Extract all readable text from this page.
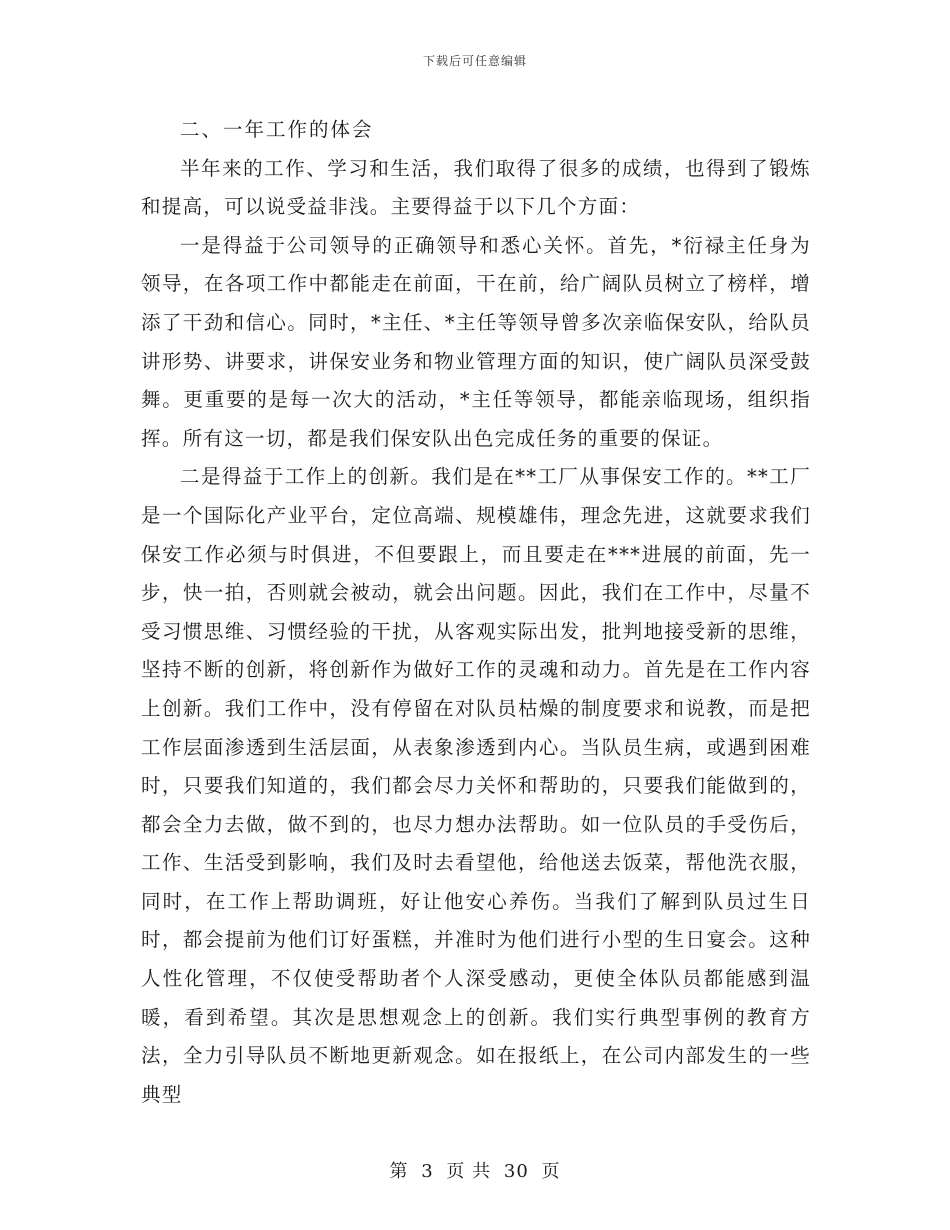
下载后可任意编辑

二、一年工作的体会

半年来的工作、学习和生活，我们取得了很多的成绩，也得到了锻炼和提高，可以说受益非浅。主要得益于以下几个方面：

一是得益于公司领导的正确领导和悉心关怀。首先，*衍禄主任身为领导，在各项工作中都能走在前面，干在前，给广阔队员树立了榜样，增添了干劲和信心。同时，*主任、*主任等领导曾多次亲临保安队，给队员讲形势、讲要求，讲保安业务和物业管理方面的知识，使广阔队员深受鼓舞。更重要的是每一次大的活动，*主任等领导，都能亲临现场，组织指挥。所有这一切，都是我们保安队出色完成任务的重要的保证。

二是得益于工作上的创新。我们是在**工厂从事保安工作的。**工厂是一个国际化产业平台，定位高端、规模雄伟，理念先进，这就要求我们保安工作必须与时俱进，不但要跟上，而且要走在***进展的前面，先一步，快一拍，否则就会被动，就会出问题。因此，我们在工作中，尽量不受习惯思维、习惯经验的干扰，从客观实际出发，批判地接受新的思维，坚持不断的创新，将创新作为做好工作的灵魂和动力。首先是在工作内容上创新。我们工作中，没有停留在对队员枯燥的制度要求和说教，而是把工作层面渗透到生活层面，从表象渗透到内心。当队员生病，或遇到困难时，只要我们知道的，我们都会尽力关怀和帮助的，只要我们能做到的，都会全力去做，做不到的，也尽力想办法帮助。如一位队员的手受伤后，工作、生活受到影响，我们及时去看望他，给他送去饭菜，帮他洗衣服，同时，在工作上帮助调班，好让他安心养伤。当我们了解到队员过生日时，都会提前为他们订好蛋糕，并准时为他们进行小型的生日宴会。这种人性化管理，不仅使受帮助者个人深受感动，更使全体队员都能感到温暖，看到希望。其次是思想观念上的创新。我们实行典型事例的教育方法，全力引导队员不断地更新观念。如在报纸上，在公司内部发生的一些典型

第 3 页 共 30 页
